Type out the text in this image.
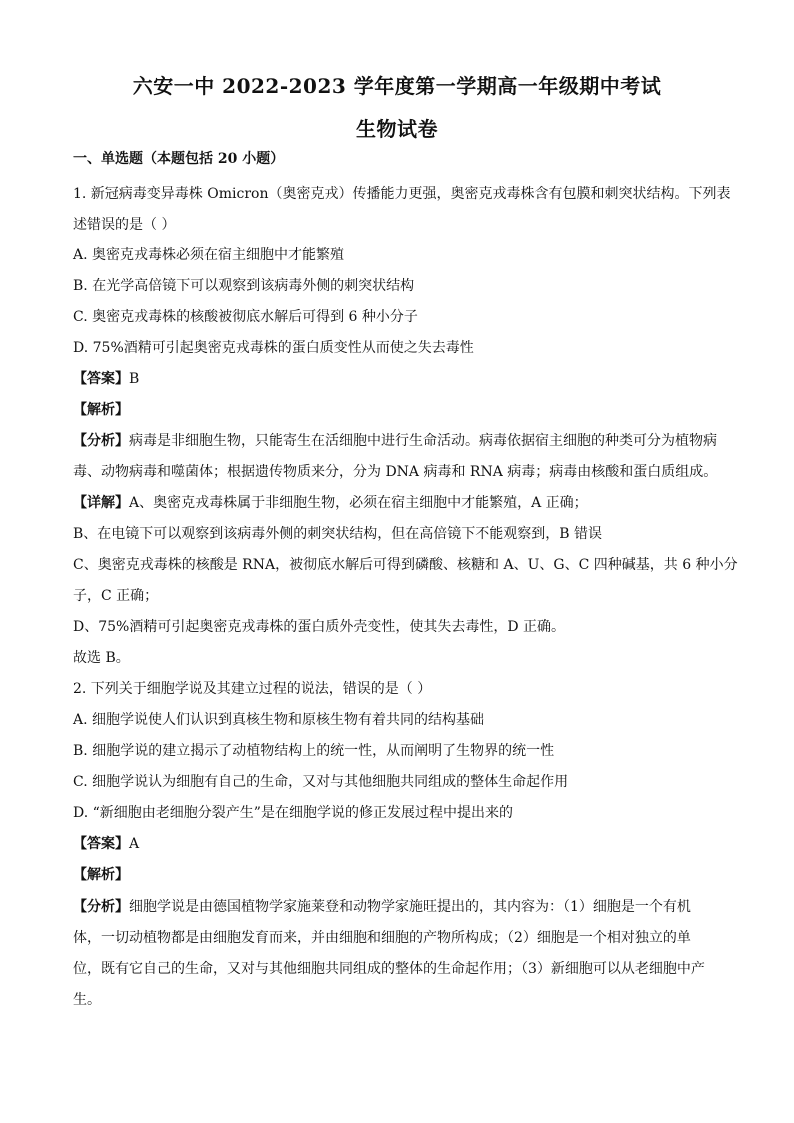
六安一中 2022-2023 学年度第一学期高一年级期中考试
生物试卷
一、单选题（本题包括 20 小题）
1. 新冠病毒变异毒株 Omicron（奥密克戎）传播能力更强，奥密克戎毒株含有包膜和刺突状结构。下列表
述错误的是（ ）
A. 奥密克戎毒株必须在宿主细胞中才能繁殖
B. 在光学高倍镜下可以观察到该病毒外侧的刺突状结构
C. 奥密克戎毒株的核酸被彻底水解后可得到 6 种小分子
D. 75%酒精可引起奥密克戎毒株的蛋白质变性从而使之失去毒性
【答案】B
【解析】
【分析】病毒是非细胞生物，只能寄生在活细胞中进行生命活动。病毒依据宿主细胞的种类可分为植物病
毒、动物病毒和噬菌体；根据遗传物质来分，分为 DNA 病毒和 RNA 病毒；病毒由核酸和蛋白质组成。
【详解】A、奥密克戎毒株属于非细胞生物，必须在宿主细胞中才能繁殖，A 正确；
B、在电镜下可以观察到该病毒外侧的刺突状结构，但在高倍镜下不能观察到，B 错误
C、奥密克戎毒株的核酸是 RNA，被彻底水解后可得到磷酸、核糖和 A、U、G、C 四种碱基，共 6 种小分
子，C 正确；
D、75%酒精可引起奥密克戎毒株的蛋白质外壳变性，使其失去毒性，D 正确。
故选 B。
2. 下列关于细胞学说及其建立过程的说法，错误的是（ ）
A. 细胞学说使人们认识到真核生物和原核生物有着共同的结构基础
B. 细胞学说的建立揭示了动植物结构上的统一性，从而阐明了生物界的统一性
C. 细胞学说认为细胞有自己的生命，又对与其他细胞共同组成的整体生命起作用
D. “新细胞由老细胞分裂产生”是在细胞学说的修正发展过程中提出来的
【答案】A
【解析】
【分析】细胞学说是由德国植物学家施莱登和动物学家施旺提出的，其内容为：（1）细胞是一个有机
体，一切动植物都是由细胞发育而来，并由细胞和细胞的产物所构成；（2）细胞是一个相对独立的单
位，既有它自己的生命，又对与其他细胞共同组成的整体的生命起作用；（3）新细胞可以从老细胞中产
生。
